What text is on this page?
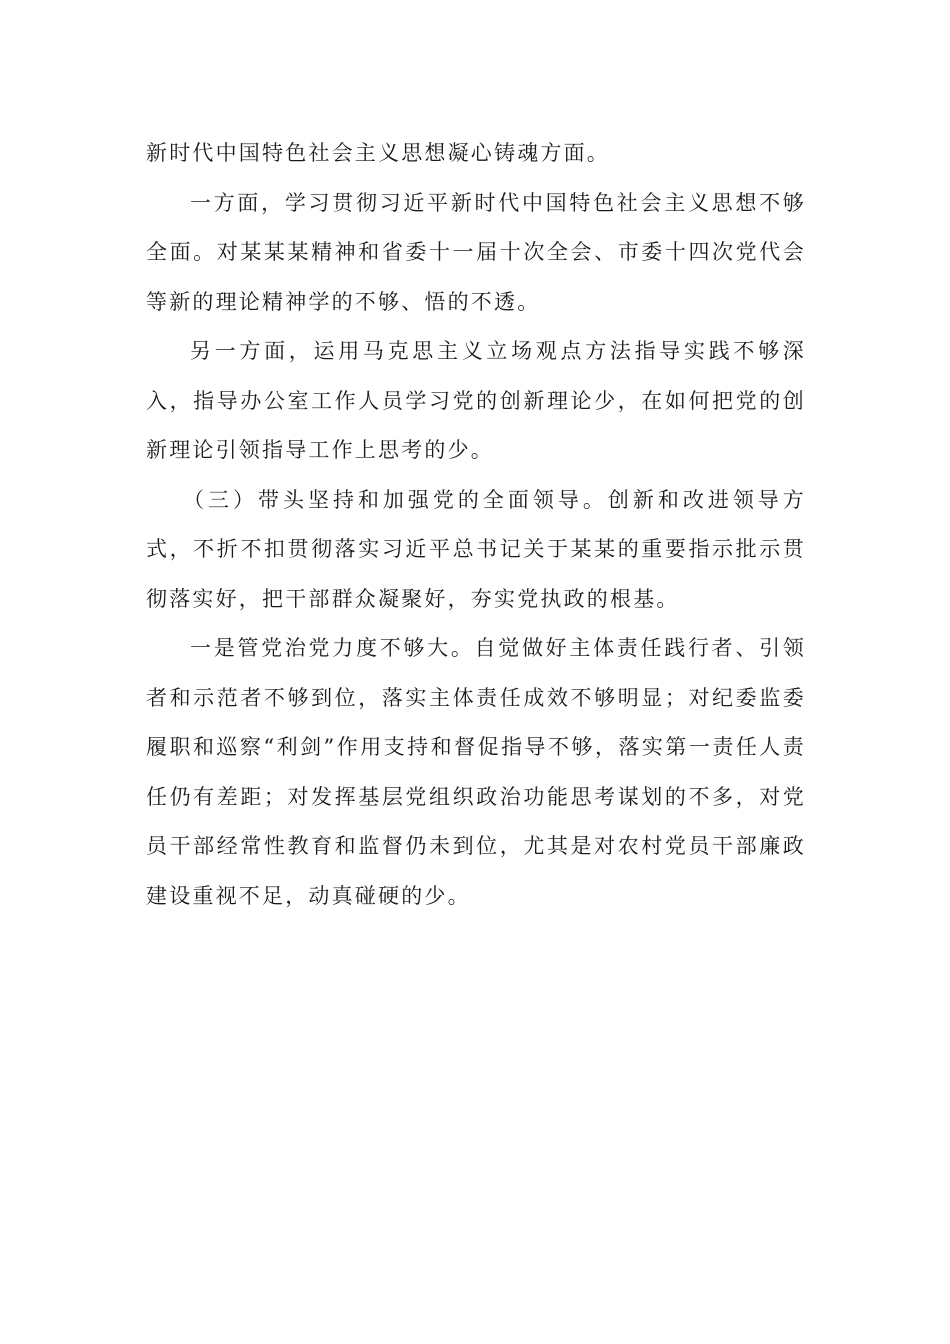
新时代中国特色社会主义思想凝心铸魂方面。

一方面，学习贯彻习近平新时代中国特色社会主义思想不够全面。对某某某精神和省委十一届十次全会、市委十四次党代会等新的理论精神学的不够、悟的不透。

另一方面，运用马克思主义立场观点方法指导实践不够深入，指导办公室工作人员学习党的创新理论少，在如何把党的创新理论引领指导工作上思考的少。

（三）带头坚持和加强党的全面领导。创新和改进领导方式，不折不扣贯彻落实习近平总书记关于某某的重要指示批示贯彻落实好，把干部群众凝聚好，夯实党执政的根基。

一是管党治党力度不够大。自觉做好主体责任践行者、引领者和示范者不够到位，落实主体责任成效不够明显；对纪委监委履职和巡察“利剑”作用支持和督促指导不够，落实第一责任人责任仍有差距；对发挥基层党组织政治功能思考谋划的不多，对党员干部经常性教育和监督仍未到位，尤其是对农村党员干部廉政建设重视不足，动真碰硬的少。
